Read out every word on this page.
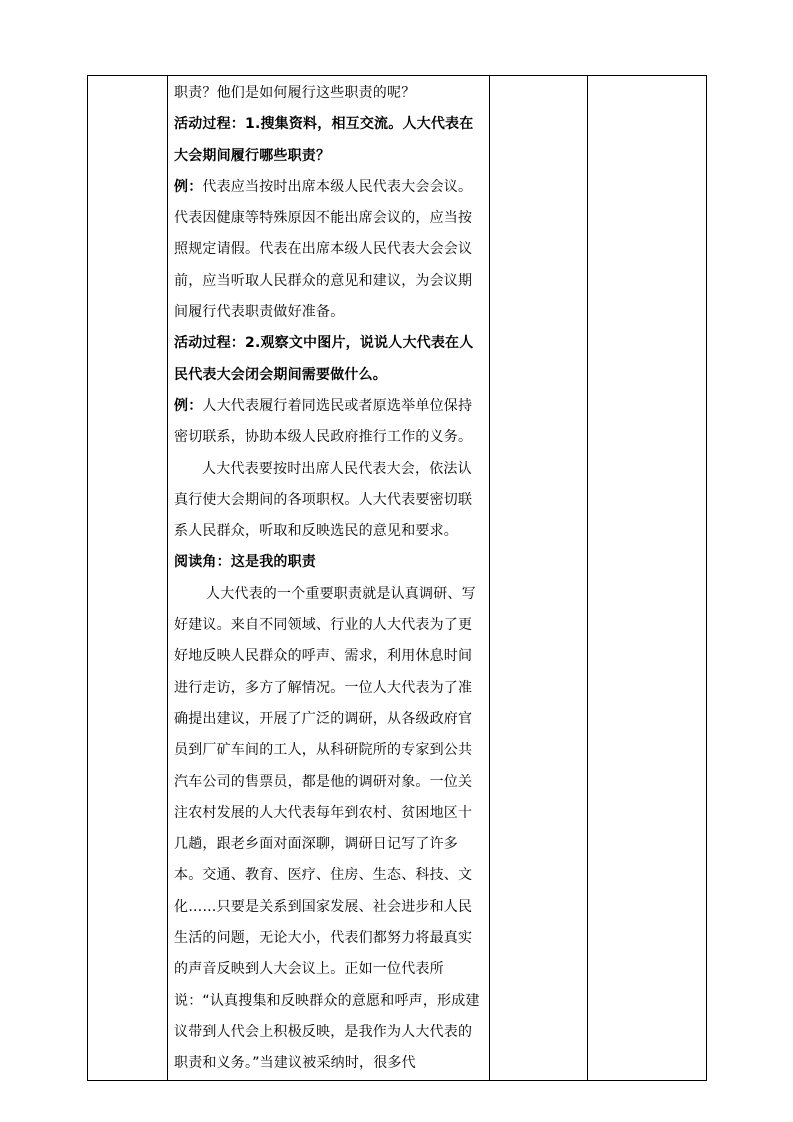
职责？他们是如何履行这些职责的呢？

活动过程：1.搜集资料，相互交流。人大代表在大会期间履行哪些职责？

例：代表应当按时出席本级人民代表大会会议。代表因健康等特殊原因不能出席会议的，应当按照规定请假。代表在出席本级人民代表大会会议前，应当听取人民群众的意见和建议，为会议期间履行代表职责做好准备。

活动过程：2.观察文中图片，说说人大代表在人民代表大会闭会期间需要做什么。

例：人大代表履行着同选民或者原选举单位保持密切联系，协助本级人民政府推行工作的义务。

人大代表要按时出席人民代表大会，依法认真行使大会期间的各项职权。人大代表要密切联系人民群众，听取和反映选民的意见和要求。

阅读角：这是我的职责

人大代表的一个重要职责就是认真调研、写好建议。来自不同领域、行业的人大代表为了更好地反映人民群众的呼声、需求，利用休息时间进行走访，多方了解情况。一位人大代表为了准确提出建议，开展了广泛的调研，从各级政府官员到厂矿车间的工人，从科研院所的专家到公共汽车公司的售票员，都是他的调研对象。一位关注农村发展的人大代表每年到农村、贫困地区十几趟，跟老乡面对面深聊，调研日记写了许多本。交通、教育、医疗、住房、生态、科技、文化……只要是关系到国家发展、社会进步和人民生活的问题，无论大小，代表们都努力将最真实的声音反映到人大会议上。正如一位代表所说：“认真搜集和反映群众的意愿和呼声，形成建议带到人代会上积极反映，是我作为人大代表的职责和义务。”当建议被采纳时，很多代
